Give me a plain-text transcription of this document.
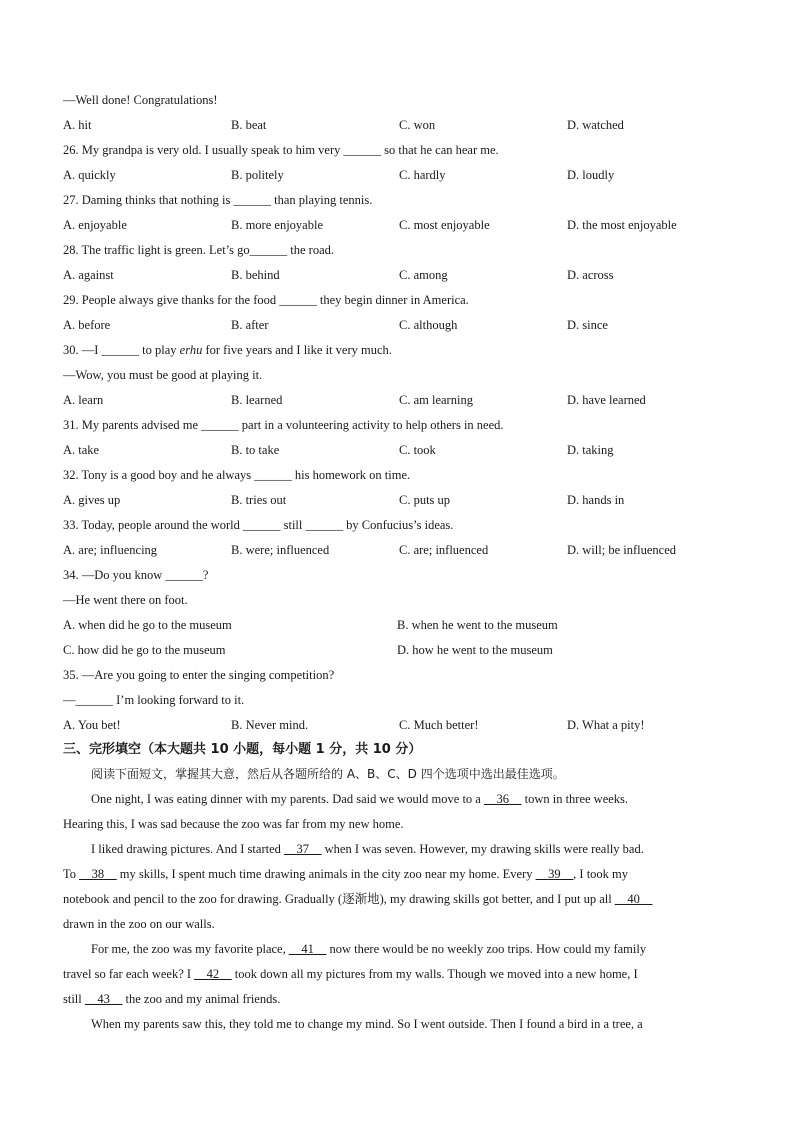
—Well done! Congratulations!
A. hit	B. beat	C. won	D. watched
26. My grandpa is very old. I usually speak to him very ______ so that he can hear me.
A. quickly	B. politely	C. hardly	D. loudly
27. Daming thinks that nothing is ______ than playing tennis.
A. enjoyable	B. more enjoyable	C. most enjoyable	D. the most enjoyable
28. The traffic light is green. Let’s go______ the road.
A. against	B. behind	C. among	D. across
29. People always give thanks for the food ______ they begin dinner in America.
A. before	B. after	C. although	D. since
30. —I ______ to play erhu for five years and I like it very much.
—Wow, you must be good at playing it.
A. learn	B. learned	C. am learning	D. have learned
31. My parents advised me ______ part in a volunteering activity to help others in need.
A. take	B. to take	C. took	D. taking
32. Tony is a good boy and he always ______ his homework on time.
A. gives up	B. tries out	C. puts up	D. hands in
33. Today, people around the world ______ still ______ by Confucius’s ideas.
A. are; influencing	B. were; influenced	C. are; influenced	D. will; be influenced
34. —Do you know ______?
—He went there on foot.
A. when did he go to the museum	B. when he went to the museum
C. how did he go to the museum	D. how he went to the museum
35. —Are you going to enter the singing competition?
—______ I’m looking forward to it.
A. You bet!	B. Never mind.	C. Much better!	D. What a pity!
三、完形填空（本大题共 10 小题，每小题 1 分，共 10 分）
阅读下面短文，掌握其大意，然后从各题所给的 A、B、C、D 四个选项中选出最佳选项。
One night, I was eating dinner with my parents. Dad said we would move to a __36__ town in three weeks.
Hearing this, I was sad because the zoo was far from my new home.
I liked drawing pictures. And I started __37__ when I was seven. However, my drawing skills were really bad.
To __38__ my skills, I spent much time drawing animals in the city zoo near my home. Every __39__, I took my
notebook and pencil to the zoo for drawing. Gradually (逐渐地), my drawing skills got better, and I put up all __40__
drawn in the zoo on our walls.
For me, the zoo was my favorite place, __41__ now there would be no weekly zoo trips. How could my family
travel so far each week? I __42__ took down all my pictures from my walls. Though we moved into a new home, I
still __43__ the zoo and my animal friends.
When my parents saw this, they told me to change my mind. So I went outside. Then I found a bird in a tree, a
